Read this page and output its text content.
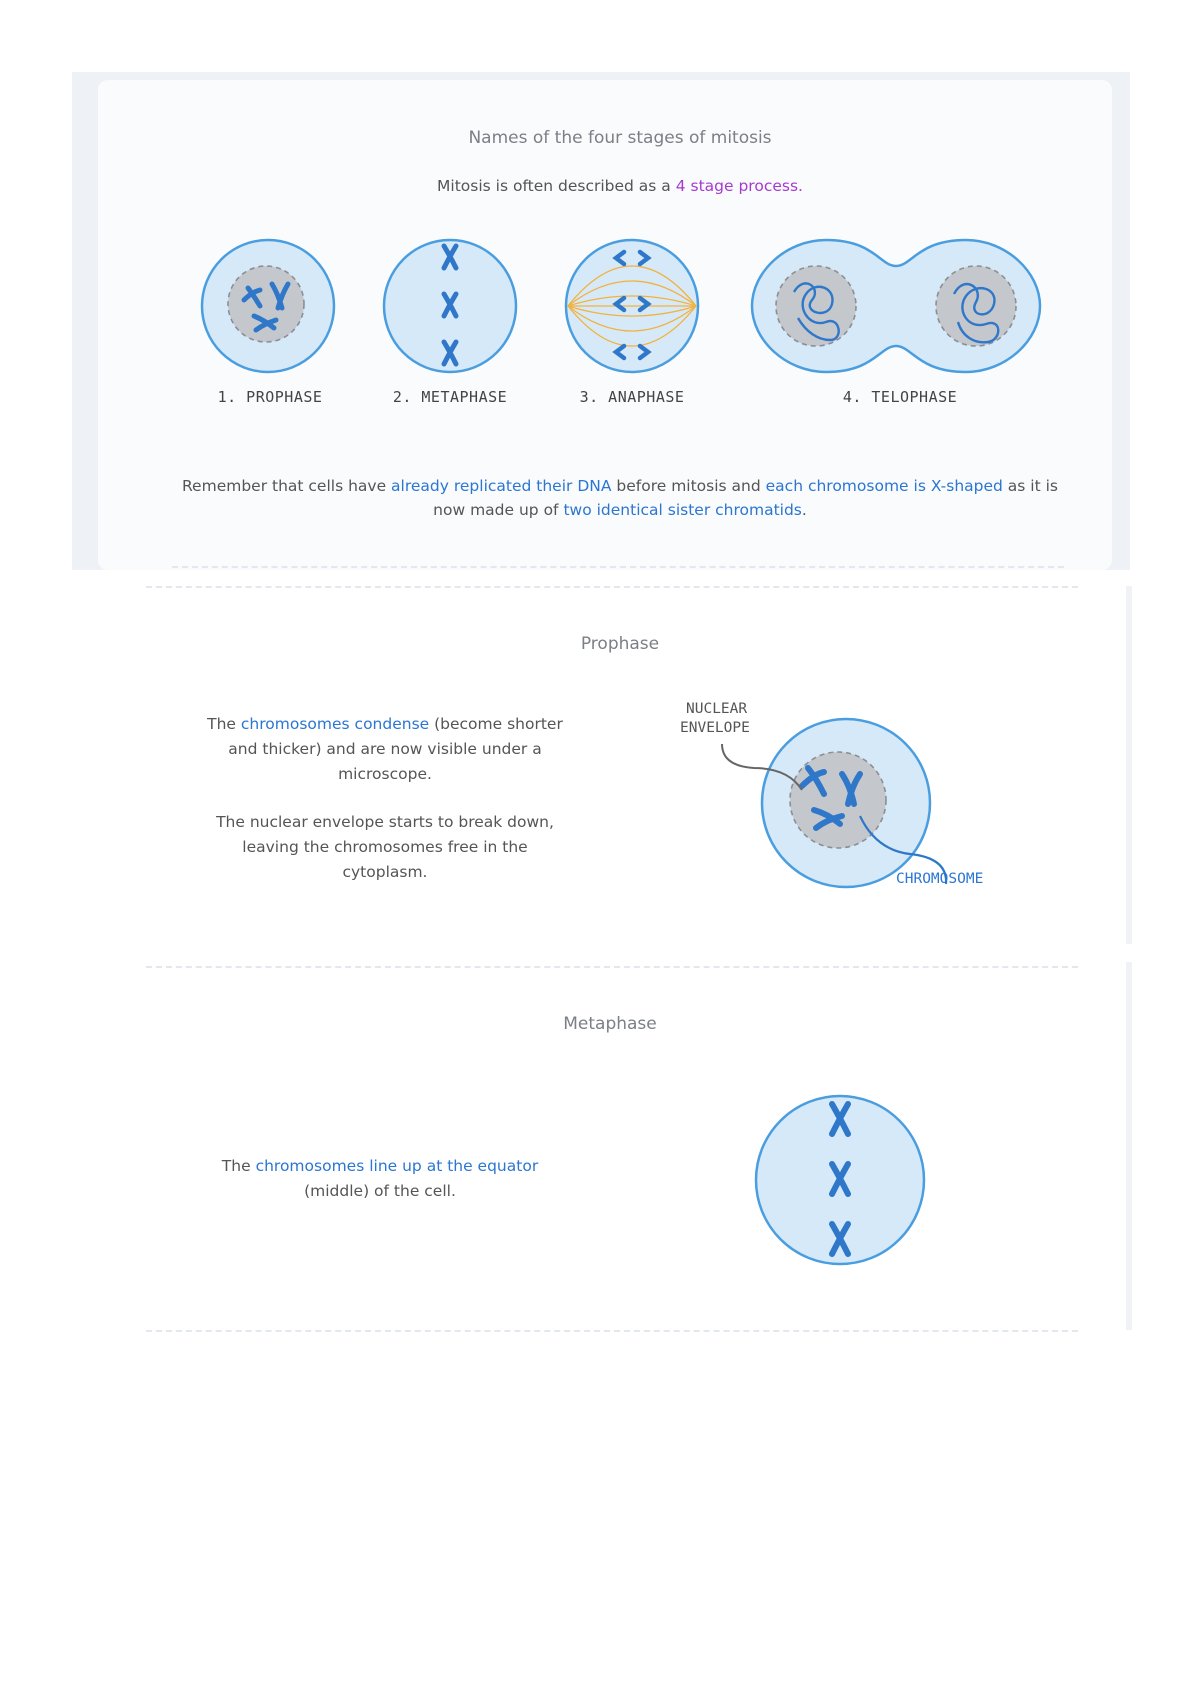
Names of the four stages of mitosis
Mitosis is often described as a 4 stage process.
1. PROPHASE	2. METAPHASE	3. ANAPHASE	4. TELOPHASE
Remember that cells have already replicated their DNA before mitosis and each chromosome is X-shaped as it is now made up of two identical sister chromatids.
Prophase
The chromosomes condense (become shorter and thicker) and are now visible under a microscope.
The nuclear envelope starts to break down, leaving the chromosomes free in the cytoplasm.
NUCLEAR
ENVELOPE
CHROMOSOME
Metaphase
The chromosomes line up at the equator (middle) of the cell.
